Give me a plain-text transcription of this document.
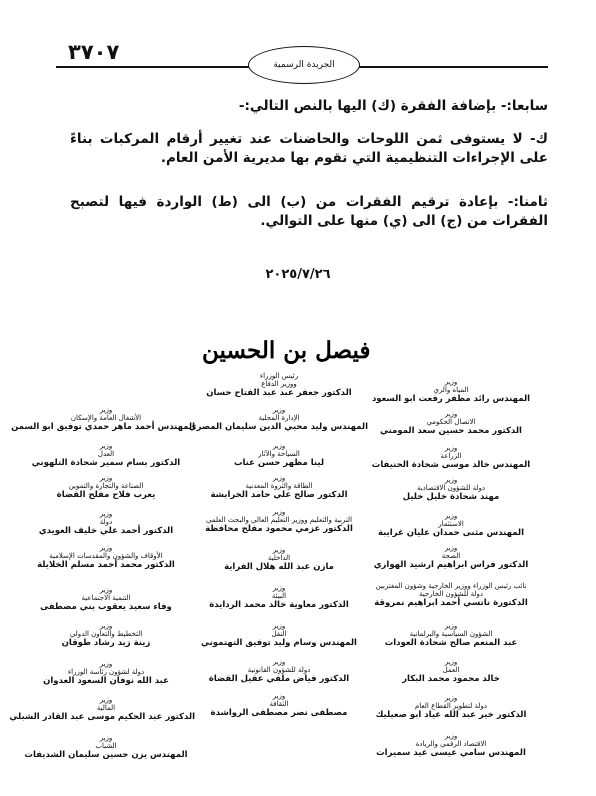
٣٧٠٧
الجريدة الرسمية

سابعا:- بإضافة الفقرة (ك) اليها بالنص التالي:-

ك- لا يستوفى ثمن اللوحات والحاضنات عند تغيير أرقام المركبات بناءً على الإجراءات التنظيمية التي تقوم بها مديرية الأمن العام.

ثامنا:- بإعادة ترقيم الفقرات من (ب) الى (ط) الواردة فيها لتصبح الفقرات من (ج) الى (ي) منها على التوالي.

٢٠٢٥/٧/٢٦
فيصل بن الحسين
وزير
المياه والري
المهندس رائد مظفر رفعت ابو السعود
رئيس الوزراء
ووزير الدفاع
الدكتور جعفر عبد عبد الفتاح حسان
وزير
الاتصال الحكومي
الدكتور محمد حسين سعد المومني
وزير
الإدارة المحلية
المهندس وليد محيي الدين سليمان المصري
وزير
الأشغال العامة والإسكان
المهندس أحمد ماهر حمدي توفيق ابو السمن
وزير
الزراعة
المهندس خالد موسى شحادة الحنيفات
وزير
السياحة والآثار
لينا مظهر حسن عناب
وزير
العدل
الدكتور بسام سمير شحادة التلهوني
وزير
دولة للشؤون الاقتصادية
مهند شحادة خليل خليل
وزير
الطاقة والثروة المعدنية
الدكتور صالح علي حامد الخرابشة
وزير
الصناعة والتجارة والتموين
يعرب فلاح مفلح القضاة
وزير
الاستثمار
المهندس مثنى حمدان عليان غرايبة
وزير
التربية والتعليم ووزير التعليم العالي والبحث العلمي
الدكتور عزمي محمود مفلح محافظة
وزير
دولة
الدكتور أحمد علي خليف العويدي
وزير
الصحة
الدكتور فراس ابراهيم ارشيد الهواري
وزير
الداخلية
مازن عبد الله هلال الفراية
وزير
الأوقاف والشؤون والمقدسات الإسلامية
الدكتور محمد أحمد مسلم الخلايلة
نائب رئيس الوزراء ووزير الخارجية وشؤون المغتربين
دولة للشؤون الخارجية
الدكتورة ناتسي أحمد ابراهيم نمروقة
وزير
البيئة
الدكتور معاوية خالد محمد الردايدة
وزير
التنمية الاجتماعية
وفاء سعيد يعقوب بني مصطفى
وزير
الشؤون السياسية والبرلمانية
عبد المنعم صالح شحادة العودات
وزير
النقل
المهندس وسام وليد توفيق التهتموني
وزير
التخطيط والتعاون الدولي
زينة زيد رشاد طوقان
وزير
العمل
خالد محمود محمد البكار
وزير
دولة للشؤون القانونية
الدكتور فياض ملفي عقيل القضاة
وزير
دولة لشؤون رئاسة الوزراء
عبد الله نوفان السعود العدوان
وزير
دولة لتطوير القطاع العام
الدكتور خير عبد الله عياد ابو صعيليك
وزير
الثقافة
مصطفى نصر مصطفى الرواشدة
وزير
المالية
الدكتور عبد الحكيم موسى عبد القادر الشبلي
وزير
الاقتصاد الرقمي والريادة
المهندس سامي عيسى عيد سميرات
وزير
الشباب
المهندس يزن حسين سليمان الشديفات
